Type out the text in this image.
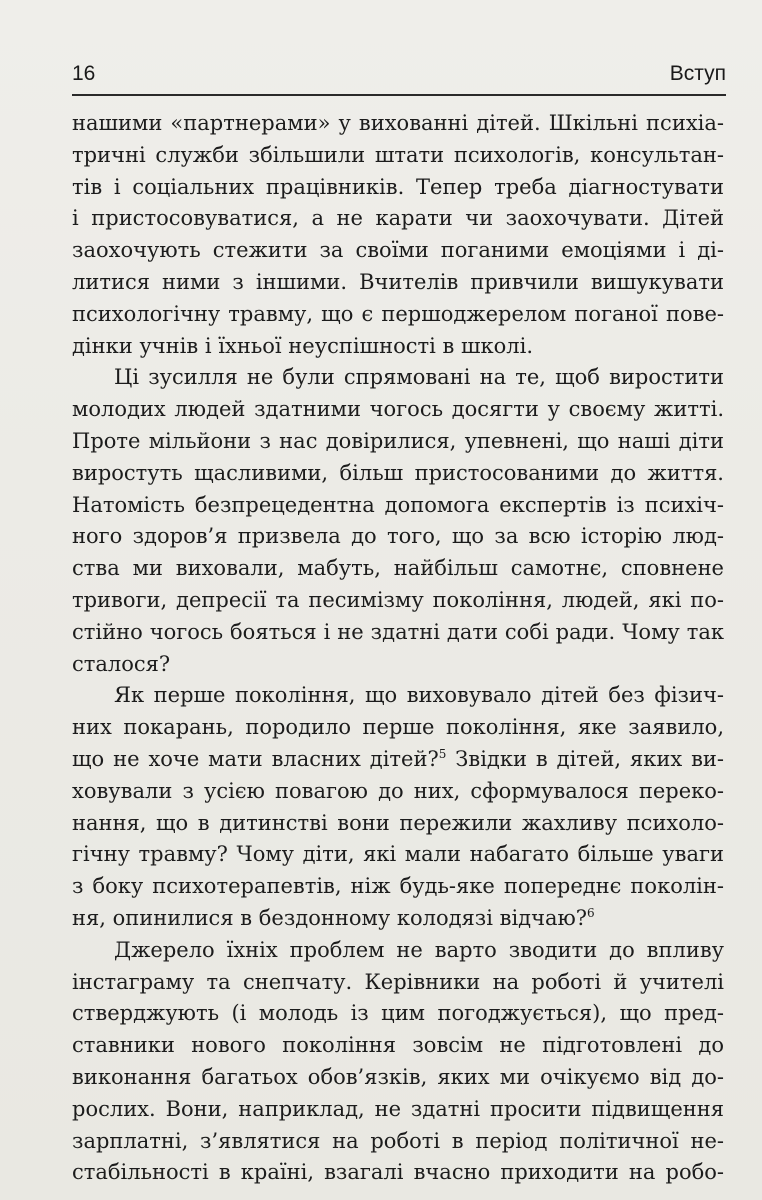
16	Вступ
нашими «партнерами» у вихованні дітей. Шкільні психіа-
тричні служби збільшили штати психологів, консультан-
тів і соціальних працівників. Тепер треба діагностувати
і пристосовуватися, а не карати чи заохочувати. Дітей
заохочують стежити за своїми поганими емоціями і ді-
литися ними з іншими. Вчителів привчили вишукувати
психологічну травму, що є першоджерелом поганої пове-
дінки учнів і їхньої неуспішності в школі.
Ці зусилля не були спрямовані на те, щоб виростити
молодих людей здатними чогось досягти у своєму житті.
Проте мільйони з нас довірилися, упевнені, що наші діти
виростуть щасливими, більш пристосованими до життя.
Натомість безпрецедентна допомога експертів із психіч-
ного здоров’я призвела до того, що за всю історію люд-
ства ми виховали, мабуть, найбільш самотнє, сповнене
тривоги, депресії та песимізму покоління, людей, які по-
стійно чогось бояться і не здатні дати собі ради. Чому так
сталося?
Як перше покоління, що виховувало дітей без фізич-
них покарань, породило перше покоління, яке заявило,
що не хоче мати власних дітей?$^5$ Звідки в дітей, яких ви-
ховували з усією повагою до них, сформувалося переко-
нання, що в дитинстві вони пережили жахливу психоло-
гічну травму? Чому діти, які мали набагато більше уваги
з боку психотерапевтів, ніж будь-яке попереднє поколін-
ня, опинилися в бездонному колодязі відчаю?$^6$
Джерело їхніх проблем не варто зводити до впливу
інстаграму та снепчату. Керівники на роботі й учителі
стверджують (і молодь із цим погоджується), що пред-
ставники нового покоління зовсім не підготовлені до
виконання багатьох обов’язків, яких ми очікуємо від до-
рослих. Вони, наприклад, не здатні просити підвищення
зарплатні, з’являтися на роботі в період політичної не-
стабільності в країні, взагалі вчасно приходити на робо-
